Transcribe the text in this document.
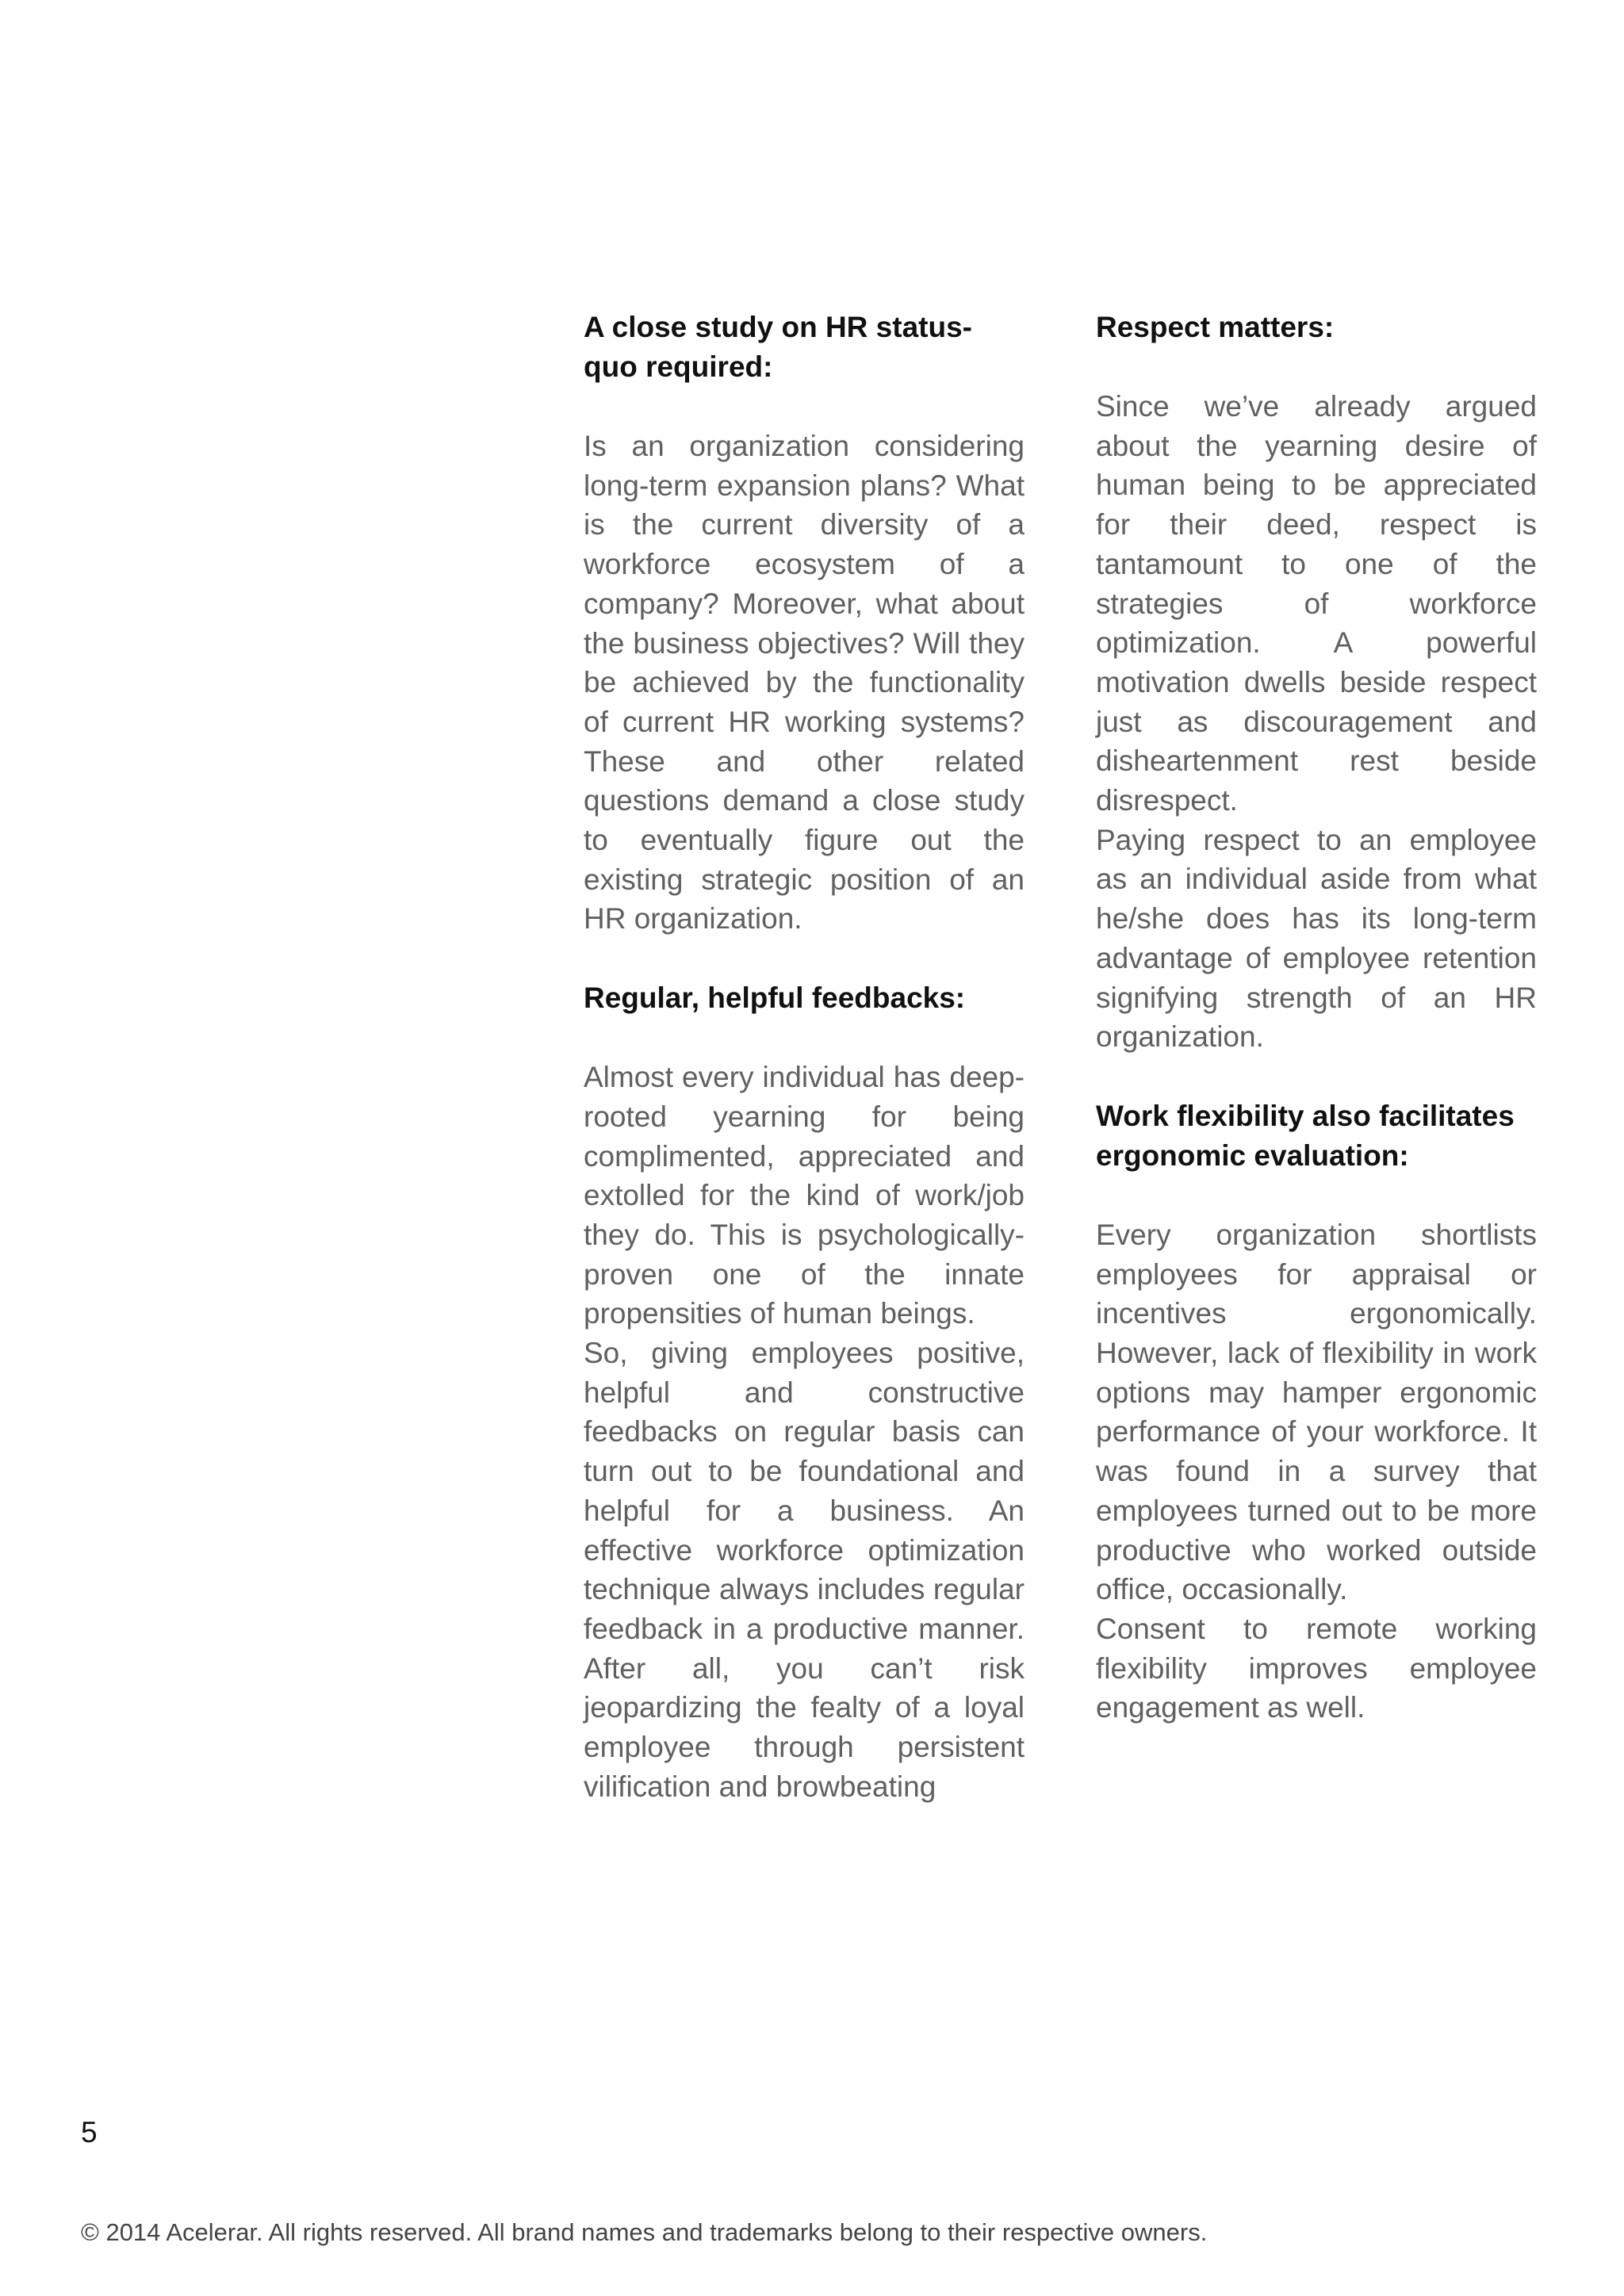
A close study on HR status-quo required:

Is an organization considering long-term expansion plans? What is the current diversity of a workforce ecosystem of a company? Moreover, what about the business objectives? Will they be achieved by the functionality of current HR working systems? These and other related questions demand a close study to eventually figure out the existing strategic position of an HR organization.

Regular, helpful feedbacks:

Almost every individual has deep-rooted yearning for being complimented, appreciated and extolled for the kind of work/job they do. This is psychologically-proven one of the innate propensities of human beings.

So, giving employees positive, helpful and constructive feedbacks on regular basis can turn out to be foundational and helpful for a business. An effective workforce optimization technique always includes regular feedback in a productive manner. After all, you can’t risk jeopardizing the fealty of a loyal employee through persistent vilification and browbeating

Respect matters:

Since we’ve already argued about the yearning desire of human being to be appreciated for their deed, respect is tantamount to one of the strategies of workforce optimization. A powerful motivation dwells beside respect just as discouragement and disheartenment rest beside disrespect.

Paying respect to an employee as an individual aside from what he/she does has its long-term advantage of employee retention signifying strength of an HR organization.

Work flexibility also facilitates ergonomic evaluation:

Every organization shortlists employees for appraisal or incentives ergonomically. However, lack of flexibility in work options may hamper ergonomic performance of your workforce. It was found in a survey that employees turned out to be more productive who worked outside office, occasionally.

Consent to remote working flexibility improves employee engagement as well.

5

© 2014 Acelerar. All rights reserved. All brand names and trademarks belong to their respective owners.
